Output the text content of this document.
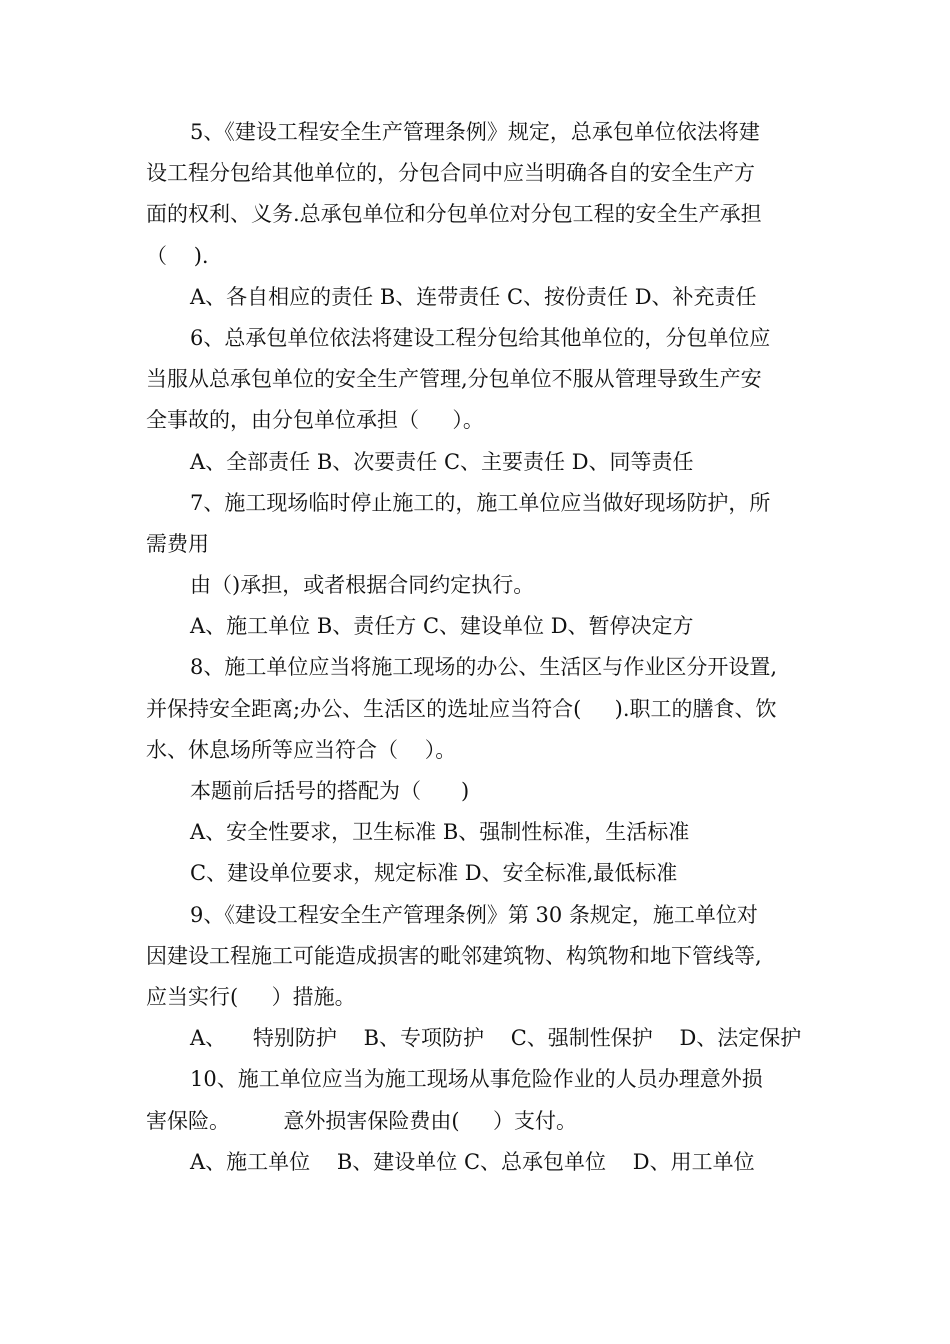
5、《建设工程安全生产管理条例》规定，总承包单位依法将建

设工程分包给其他单位的，分包合同中应当明确各自的安全生产方

面的权利、义务.总承包单位和分包单位对分包工程的安全生产承担

（    ).

A、各自相应的责任 B、连带责任 C、按份责任 D、补充责任

6、总承包单位依法将建设工程分包给其他单位的，分包单位应

当服从总承包单位的安全生产管理,分包单位不服从管理导致生产安

全事故的，由分包单位承担（     ）。

A、全部责任 B、次要责任 C、主要责任 D、同等责任

7、施工现场临时停止施工的，施工单位应当做好现场防护，所

需费用

由（)承担，或者根据合同约定执行。

A、施工单位 B、责任方 C、建设单位 D、暂停决定方

8、施工单位应当将施工现场的办公、生活区与作业区分开设置,

并保持安全距离;办公、生活区的选址应当符合(     ).职工的膳食、饮

水、休息场所等应当符合（    ）。

本题前后括号的搭配为（      )

A、安全性要求，卫生标准 B、强制性标准，生活标准

C、建设单位要求，规定标准 D、安全标准,最低标准

9、《建设工程安全生产管理条例》第 30 条规定，施工单位对

因建设工程施工可能造成损害的毗邻建筑物、构筑物和地下管线等,

应当实行(     ）措施。

A、    特别防护    B、专项防护    C、强制性保护    D、法定保护

10、施工单位应当为施工现场从事危险作业的人员办理意外损

害保险。        意外损害保险费由(     ）支付。

A、施工单位    B、建设单位 C、总承包单位    D、用工单位
